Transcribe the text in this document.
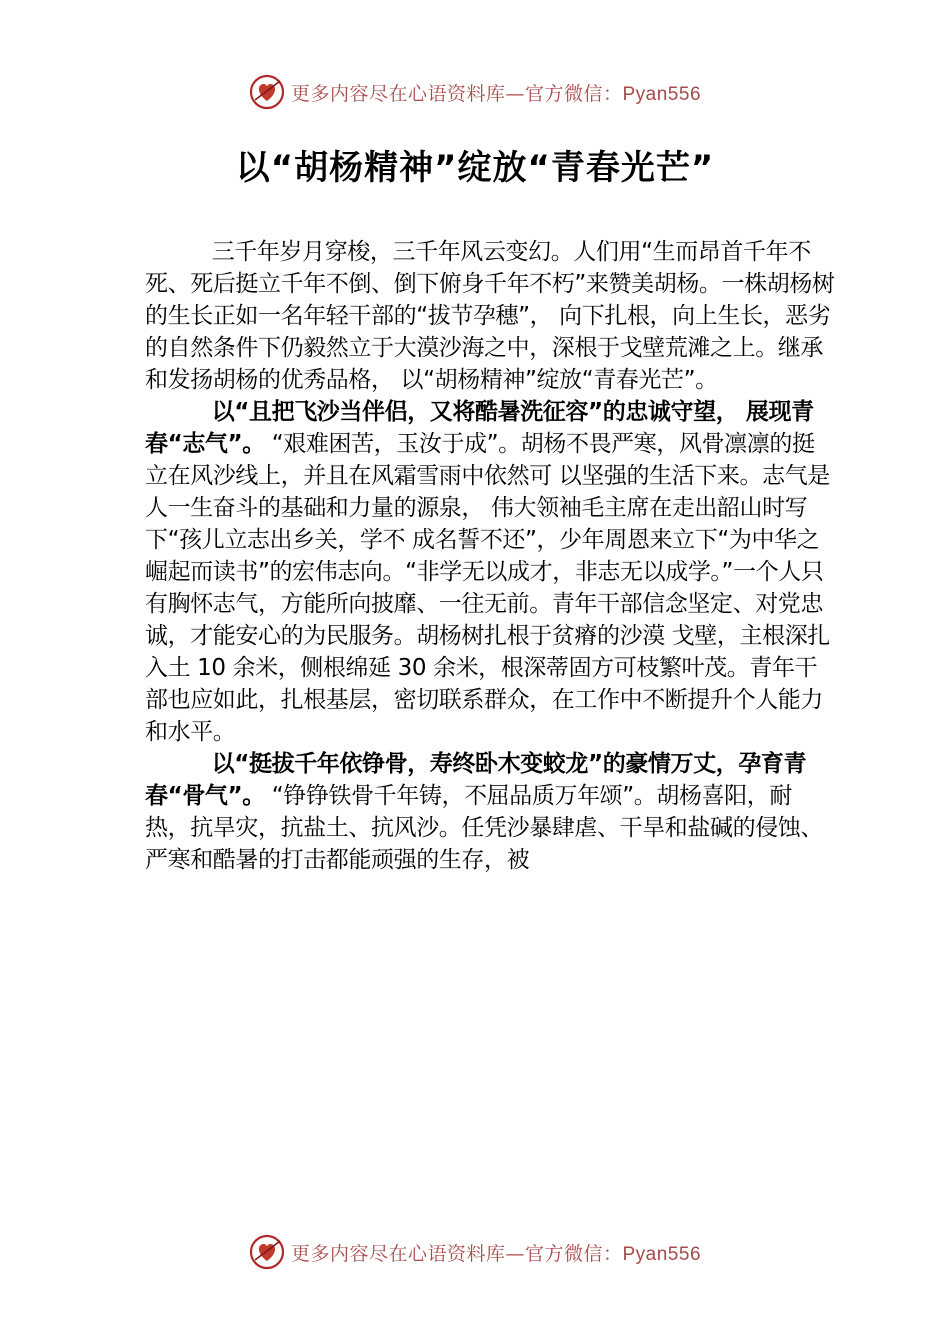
更多内容尽在心语资料库—官方微信：Pyan556
以“胡杨精神”绽放“青春光芒”

三千年岁月穿梭，三千年风云变幻。人们用“生而昂首千年不死、死后挺立千年不倒、倒下俯身千年不朽”来赞美胡杨。一株胡杨树的生长正如一名年轻干部的“拔节孕穗”， 向下扎根，向上生长，恶劣的自然条件下仍毅然立于大漠沙海之中，深根于戈壁荒滩之上。继承和发扬胡杨的优秀品格， 以“胡杨精神”绽放“青春光芒”。

以“且把飞沙当伴侣，又将酷暑洗征容”的忠诚守望， 展现青春“志气”。 “艰难困苦，玉汝于成”。胡杨不畏严寒，风骨凛凛的挺立在风沙线上，并且在风霜雪雨中依然可 以坚强的生活下来。志气是人一生奋斗的基础和力量的源泉， 伟大领袖毛主席在走出韶山时写下“孩儿立志出乡关，学不 成名誓不还”，少年周恩来立下“为中华之崛起而读书”的宏伟志向。“非学无以成才，非志无以成学。”一个人只有胸怀志气，方能所向披靡、一往无前。青年干部信念坚定、对党忠诚，才能安心的为民服务。胡杨树扎根于贫瘠的沙漠 戈壁，主根深扎入土 10 余米，侧根绵延 30 余米，根深蒂固方可枝繁叶茂。青年干部也应如此，扎根基层，密切联系群众，在工作中不断提升个人能力和水平。

以“挺拔千年依铮骨，寿终卧木变蛟龙”的豪情万丈，孕育青春“骨气”。 “铮铮铁骨千年铸，不屈品质万年颂”。胡杨喜阳，耐热，抗旱灾，抗盐土、抗风沙。任凭沙暴肆虐、干旱和盐碱的侵蚀、严寒和酷暑的打击都能顽强的生存，被

更多内容尽在心语资料库—官方微信：Pyan556
